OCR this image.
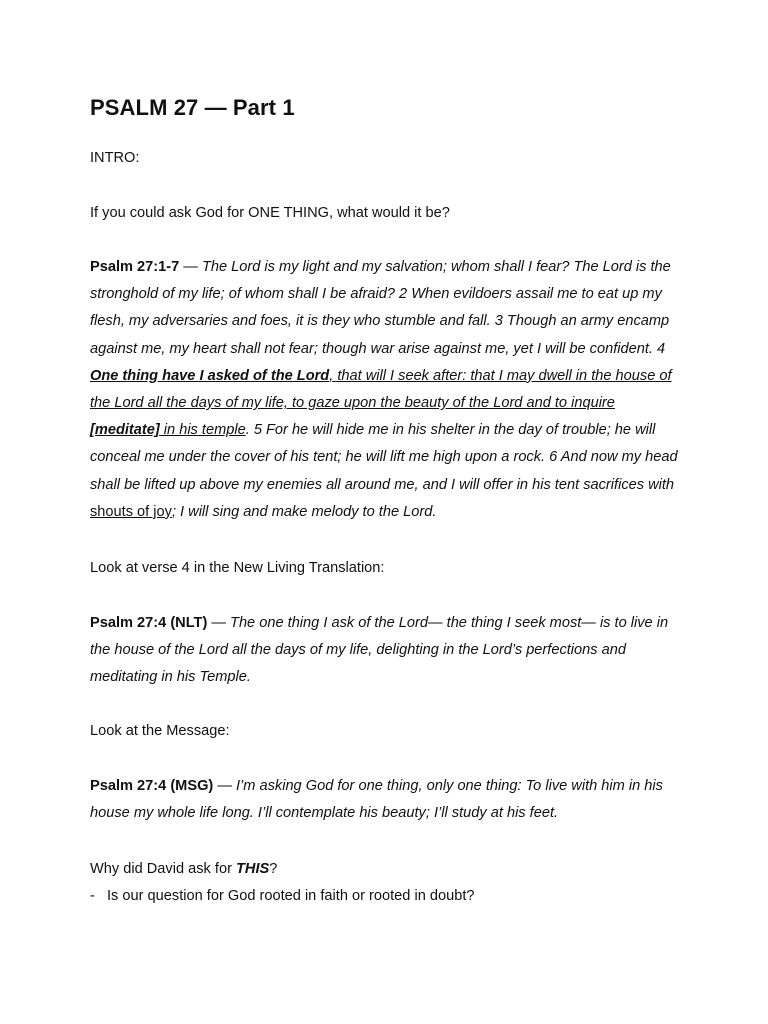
PSALM 27 — Part 1

INTRO:

If you could ask God for ONE THING, what would it be?

Psalm 27:1-7 — The Lord is my light and my salvation; whom shall I fear? The Lord is the stronghold of my life; of whom shall I be afraid? 2 When evildoers assail me to eat up my flesh, my adversaries and foes, it is they who stumble and fall. 3 Though an army encamp against me, my heart shall not fear; though war arise against me, yet I will be confident. 4 One thing have I asked of the Lord, that will I seek after: that I may dwell in the house of the Lord all the days of my life, to gaze upon the beauty of the Lord and to inquire [meditate] in his temple. 5 For he will hide me in his shelter in the day of trouble; he will conceal me under the cover of his tent; he will lift me high upon a rock. 6 And now my head shall be lifted up above my enemies all around me, and I will offer in his tent sacrifices with shouts of joy; I will sing and make melody to the Lord.

Look at verse 4 in the New Living Translation:

Psalm 27:4 (NLT) — The one thing I ask of the Lord— the thing I seek most— is to live in the house of the Lord all the days of my life, delighting in the Lord’s perfections and meditating in his Temple.

Look at the Message:

Psalm 27:4 (MSG) — I’m asking God for one thing, only one thing: To live with him in his house my whole life long. I’ll contemplate his beauty; I’ll study at his feet.

Why did David ask for THIS?

- Is our question for God rooted in faith or rooted in doubt?
